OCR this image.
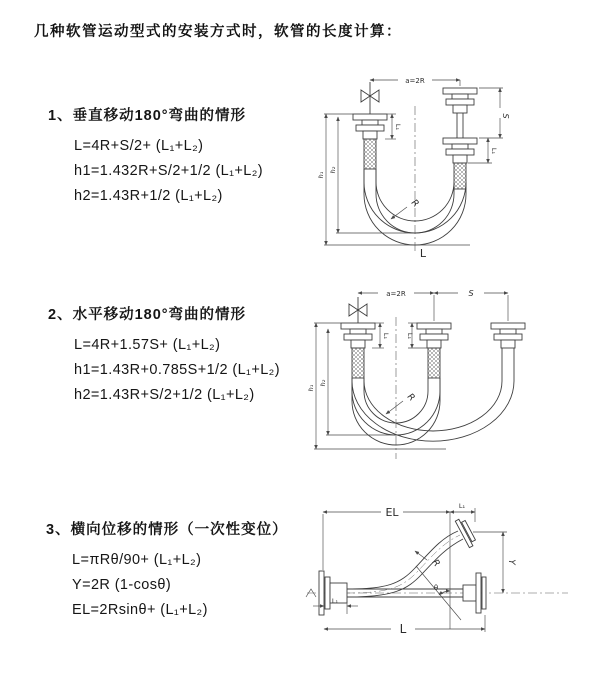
几种软管运动型式的安装方式时，软管的长度计算：
1、垂直移动180°弯曲的情形
L=4R+S/2+ (L₁+L₂)
h1=1.432R+S/2+1/2 (L₁+L₂)
h2=1.43R+1/2 (L₁+L₂)	R
a=2R
S
L₁
h₁
h₂
L₁
L
2、水平移动180°弯曲的情形
L=4R+1.57S+ (L₁+L₂)
h1=1.43R+0.785S+1/2 (L₁+L₂)
h2=1.43R+S/2+1/2 (L₁+L₂)	R
a=2R	S
h₁
h₂
L₁ L₁
3、横向位移的情形（一次性变位）
L=πRθ/90+ (L₁+L₂)
Y=2R (1-cosθ)
EL=2Rsinθ+ (L₁+L₂)
EL	L₁
Y
θ
R
L₁
L
